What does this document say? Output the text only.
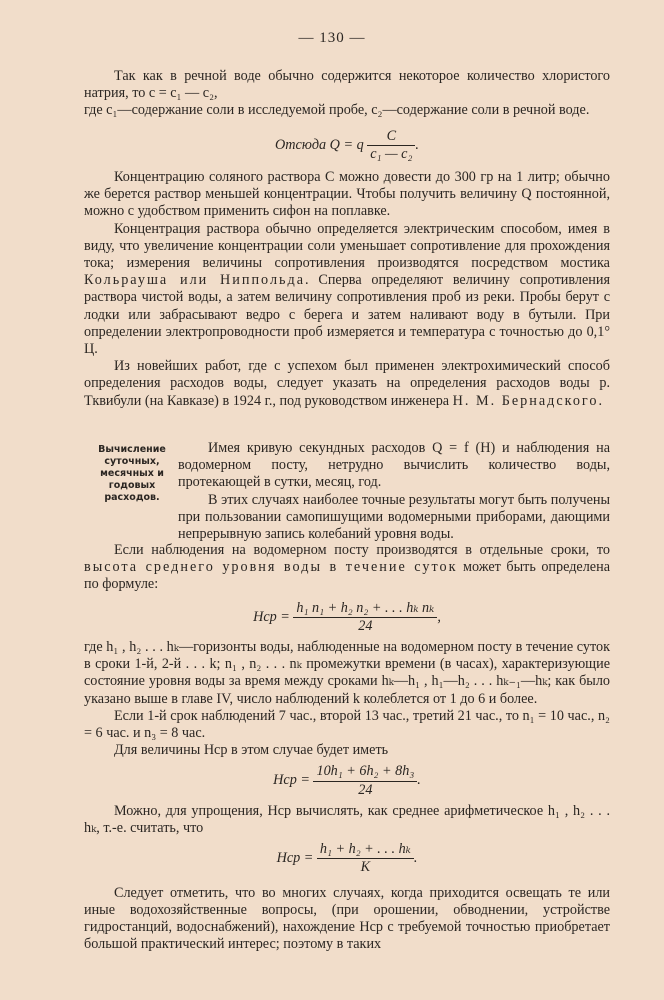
— 130 —

Так как в речной воде обычно содержится некоторое количество хлористого натрия, то c = c₁ — c₂,

где c₁—содержание соли в исследуемой пробе, c₂—содержание соли в речной воде.

Отсюда Q = q $\frac{C}{\text{c₁ — c₂}}$ .

Концентрацию соляного раствора C можно довести до 300 гр на 1 литр; обычно же берется раствор меньшей концентрации. Чтобы получить величину Q постоянной, можно с удобством применить сифон на поплавке.

Концентрация раствора обычно определяется электрическим способом, имея в виду, что увеличение концентрации соли уменьшает сопротивление для прохождения тока; измерения величины сопротивления производятся посредством мостика Кольрауша или Ниппольда. Сперва определяют величину сопротивления раствора чистой воды, а затем величину сопротивления проб из реки. Пробы берут с лодки или забрасывают ведро с берега и затем наливают воду в бутыли. При определении электропроводности проб измеряется и температура с точностью до 0,1° Ц.

Из новейших работ, где с успехом был применен электрохимический способ определения расходов воды, следует указать на определения расходов воды р. Тквибули (на Кавказе) в 1924 г., под руководством инженера Н. М. Бернадского.

Вычисление суточных, месячных и годовых расходов.

Имея кривую секундных расходов Q = f (H) и наблюдения на водомерном посту, нетрудно вычислить количество воды, протекающей в сутки, месяц, год.

В этих случаях наиболее точные результаты могут быть получены при пользовании самопишущими водомерными приборами, дающими непрерывную запись колебаний уровня воды.

Если наблюдения на водомерном посту производятся в отдельные сроки, то высота среднего уровня воды в течение суток может быть определена по формуле:

Hср = $\frac{\text{h₁ n₁ + h₂ n₂ + . . . hₖ nₖ}}{24}$ ,

где h₁ , h₂ . . . hₖ—горизонты воды, наблюденные на водомерном посту в течение суток в сроки 1-й, 2-й . . . k; n₁ , n₂ . . . nₖ промежутки времени (в часах), характеризующие состояние уровня воды за время между сроками hₖ—h₁ , h₁—h₂ . . . hₖ₋₁—hₖ; как было указано выше в главе IV, число наблюдений k колеблется от 1 до 6 и более.

Если 1-й срок наблюдений 7 час., второй 13 час., третий 21 час., то n₁ = 10 час., n₂ = 6 час. и n₃ = 8 час.

Для величины Hср в этом случае будет иметь

Hср = $\frac{\text{10h₁ + 6h₂ + 8h₃}}{24}$ .

Можно, для упрощения, Hср вычислять, как среднее арифметическое h₁ , h₂ . . . hₖ, т.-е. считать, что

Hср = $\frac{\text{h₁ + h₂ + . . . hₖ}}{K}$ .

Следует отметить, что во многих случаях, когда приходится освещать те или иные водохозяйственные вопросы, (при орошении, обводнении, устройстве гидростанций, водоснабжений), нахождение Hср с требуемой точностью приобретает большой практический интерес; поэтому в таких
